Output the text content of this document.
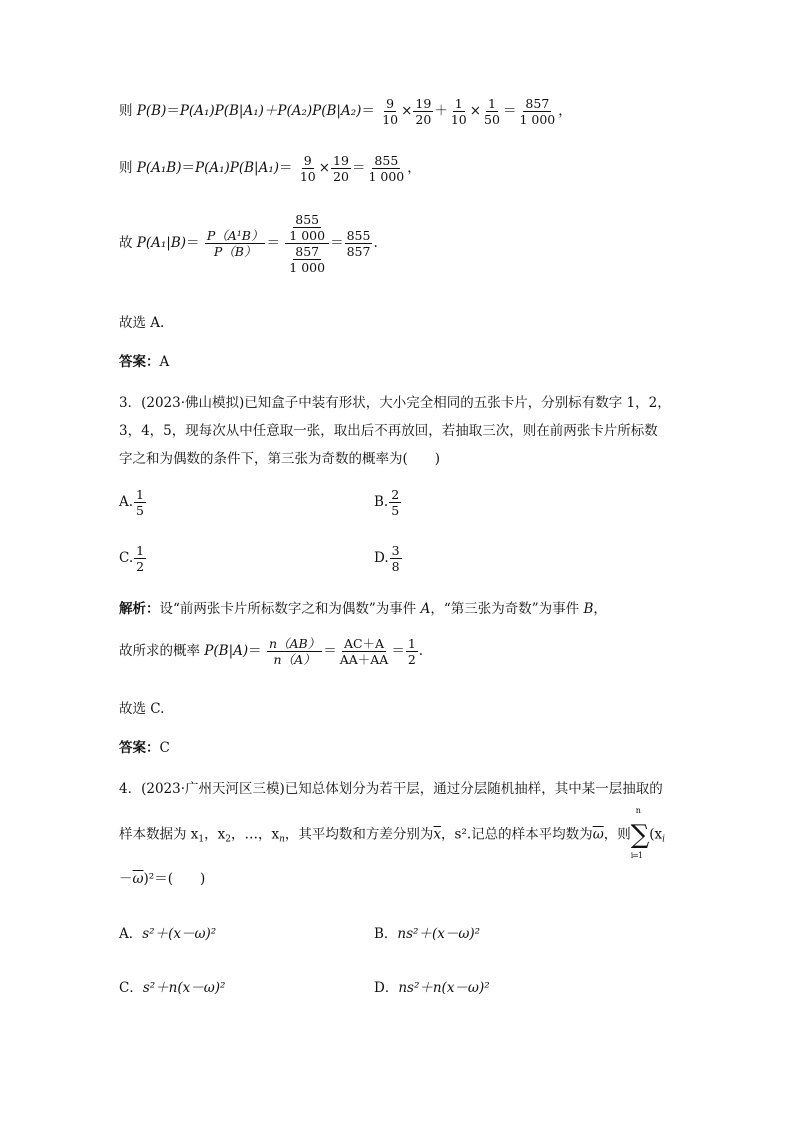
则 $P(B)=P(A_1)P(B|A_1)+P(A_2)P(B|A_2)= \frac{9}{10} \times \frac{19}{20} + \frac{1}{10} \times \frac{1}{50} = \frac{857}{1 000}$ ，
则 $P(A_1B)=P(A_1)P(B|A_1)= \frac{9}{10} \times \frac{19}{20} = \frac{855}{1 000}$ ，
故 $P(A_1|B)= \frac{\text{P（A¹B）}}{P(B)} = \frac{\frac{855}{1 000}}{\frac{857}{1 000}} = \frac{855}{857}$ .
故选 A.
答案：A
3．(2023·佛山模拟)已知盒子中装有形状，大小完全相同的五张卡片，分别标有数字 1，2，
3，4，5，现每次从中任意取一张，取出后不再放回，若抽取三次，则在前两张卡片所标数
字之和为偶数的条件下，第三张为奇数的概率为(　　)
A. $\frac{1}{5}$	B. $\frac{2}{5}$
C. $\frac{1}{2}$	D. $\frac{3}{8}$
解析：设“前两张卡片所标数字之和为偶数”为事件 A，“第三张为奇数”为事件 B，
故所求的概率 $P(B|A)= \frac{n(AB)}{n(A)} = \frac{AC+A}{AA+AA} = \frac{1}{2}$ .
故选 C.
答案：C
4．(2023·广州天河区三模)已知总体划分为若干层，通过分层随机抽样，其中某一层抽取的
样本数据为 $x_1$，$x_2$，…，$x_n$，其平均数和方差分别为$\overline{x}$，s².记总的样本平均数为$\overline{\omega}$，则
n
∑
i=1
($x_i$
$-\overline{\omega})^2=$(　　)
A．s²＋(x－ω)²	B．ns²＋(x－ω)²
C．s²＋n(x－ω)²	D．ns²＋n(x－ω)²
